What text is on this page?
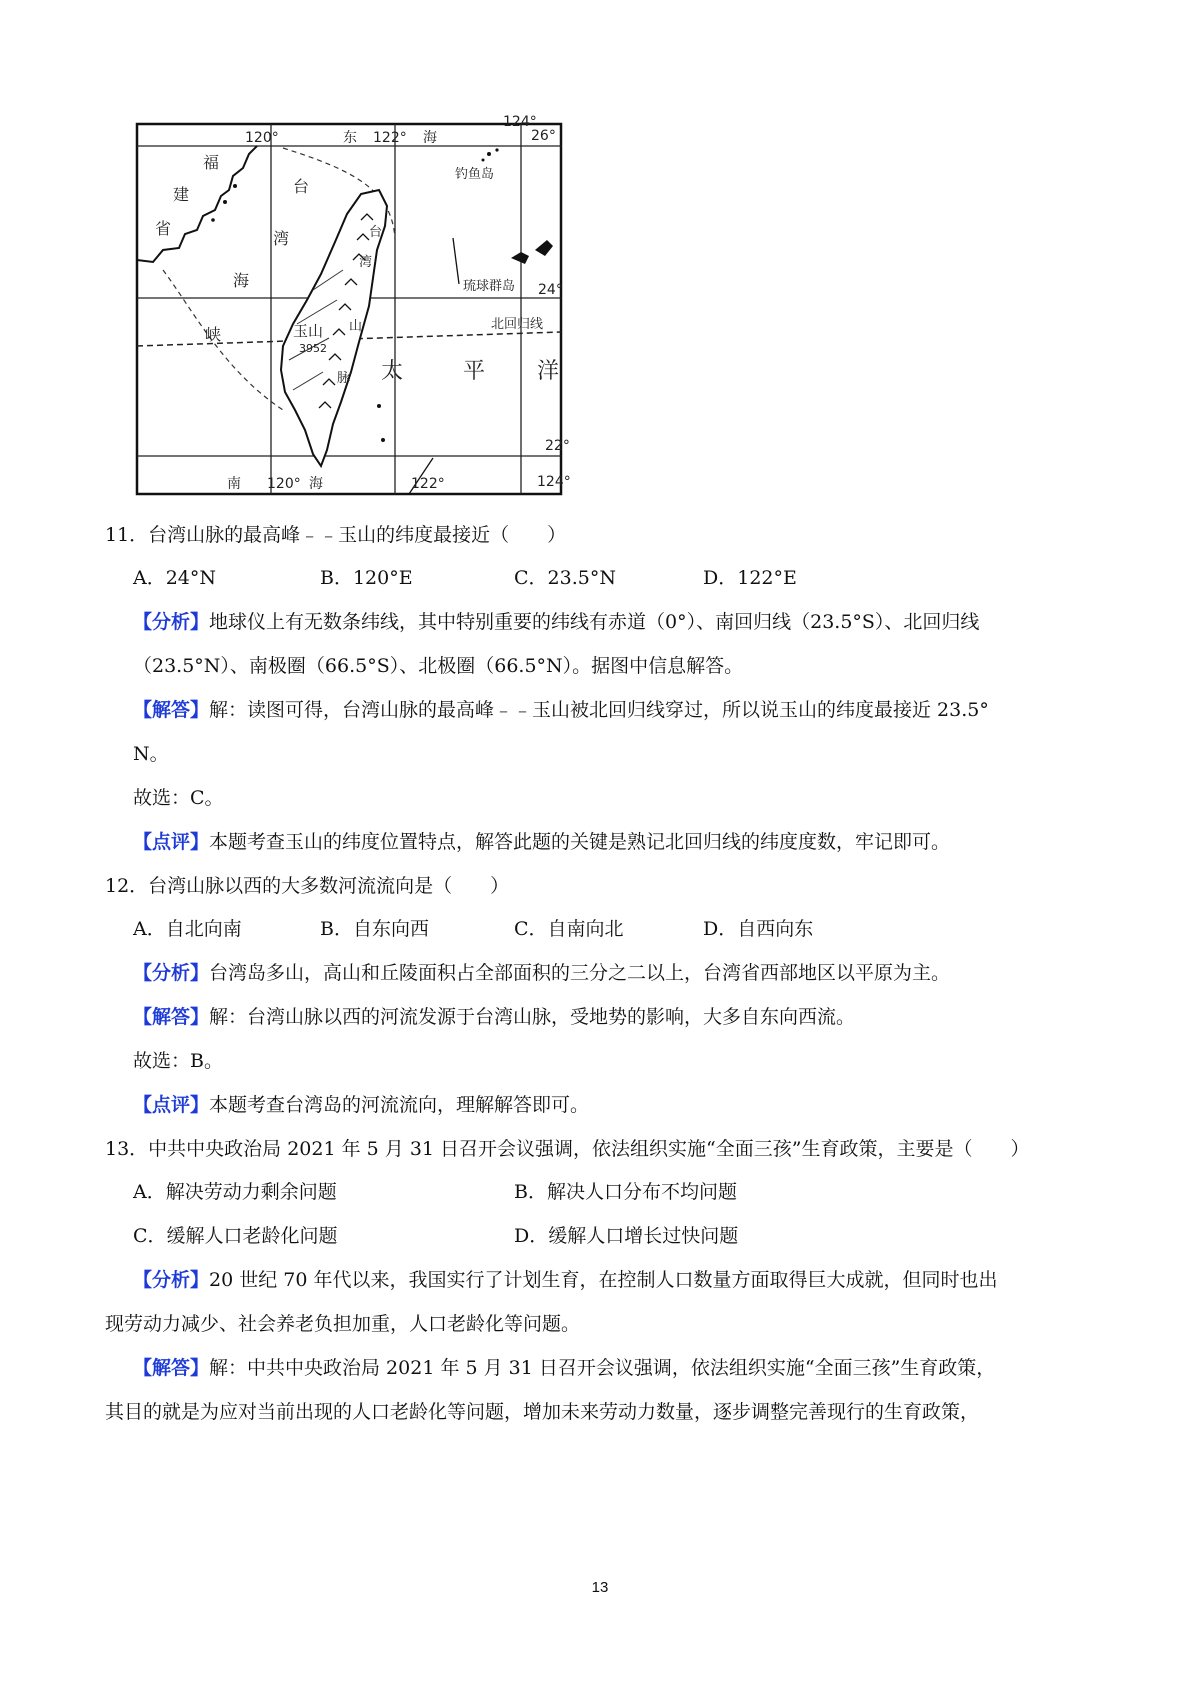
120°	东 122° 海
124°
26°
24°
22°
福
建
省
台
湾
海
峡
钓鱼岛
琉球群岛
北回归线
玉山
3952
台
湾
山
脉 太	平 洋
南 120° 海	122°	124°
11．台湾山脉的最高峰﹣﹣玉山的纬度最接近（　　）
A．24°N	B．120°E	C．23.5°N	D．122°E
【分析】地球仪上有无数条纬线，其中特别重要的纬线有赤道（0°）、南回归线（23.5°S）、北回归线
（23.5°N）、南极圈（66.5°S）、北极圈（66.5°N）。据图中信息解答。
【解答】解：读图可得，台湾山脉的最高峰﹣﹣玉山被北回归线穿过，所以说玉山的纬度最接近 23.5°
N。
故选：C。
【点评】本题考查玉山的纬度位置特点，解答此题的关键是熟记北回归线的纬度度数，牢记即可。
12．台湾山脉以西的大多数河流流向是（　　）
A．自北向南	B．自东向西	C．自南向北	D．自西向东
【分析】台湾岛多山，高山和丘陵面积占全部面积的三分之二以上，台湾省西部地区以平原为主。
【解答】解：台湾山脉以西的河流发源于台湾山脉，受地势的影响，大多自东向西流。
故选：B。
【点评】本题考查台湾岛的河流流向，理解解答即可。
13．中共中央政治局 2021 年 5 月 31 日召开会议强调，依法组织实施“全面三孩”生育政策，主要是（　　）
A．解决劳动力剩余问题	B．解决人口分布不均问题
C．缓解人口老龄化问题	D．缓解人口增长过快问题
【分析】20 世纪 70 年代以来，我国实行了计划生育，在控制人口数量方面取得巨大成就，但同时也出
现劳动力减少、社会养老负担加重，人口老龄化等问题。
【解答】解：中共中央政治局 2021 年 5 月 31 日召开会议强调，依法组织实施“全面三孩”生育政策，
其目的就是为应对当前出现的人口老龄化等问题，增加未来劳动力数量，逐步调整完善现行的生育政策，
13
